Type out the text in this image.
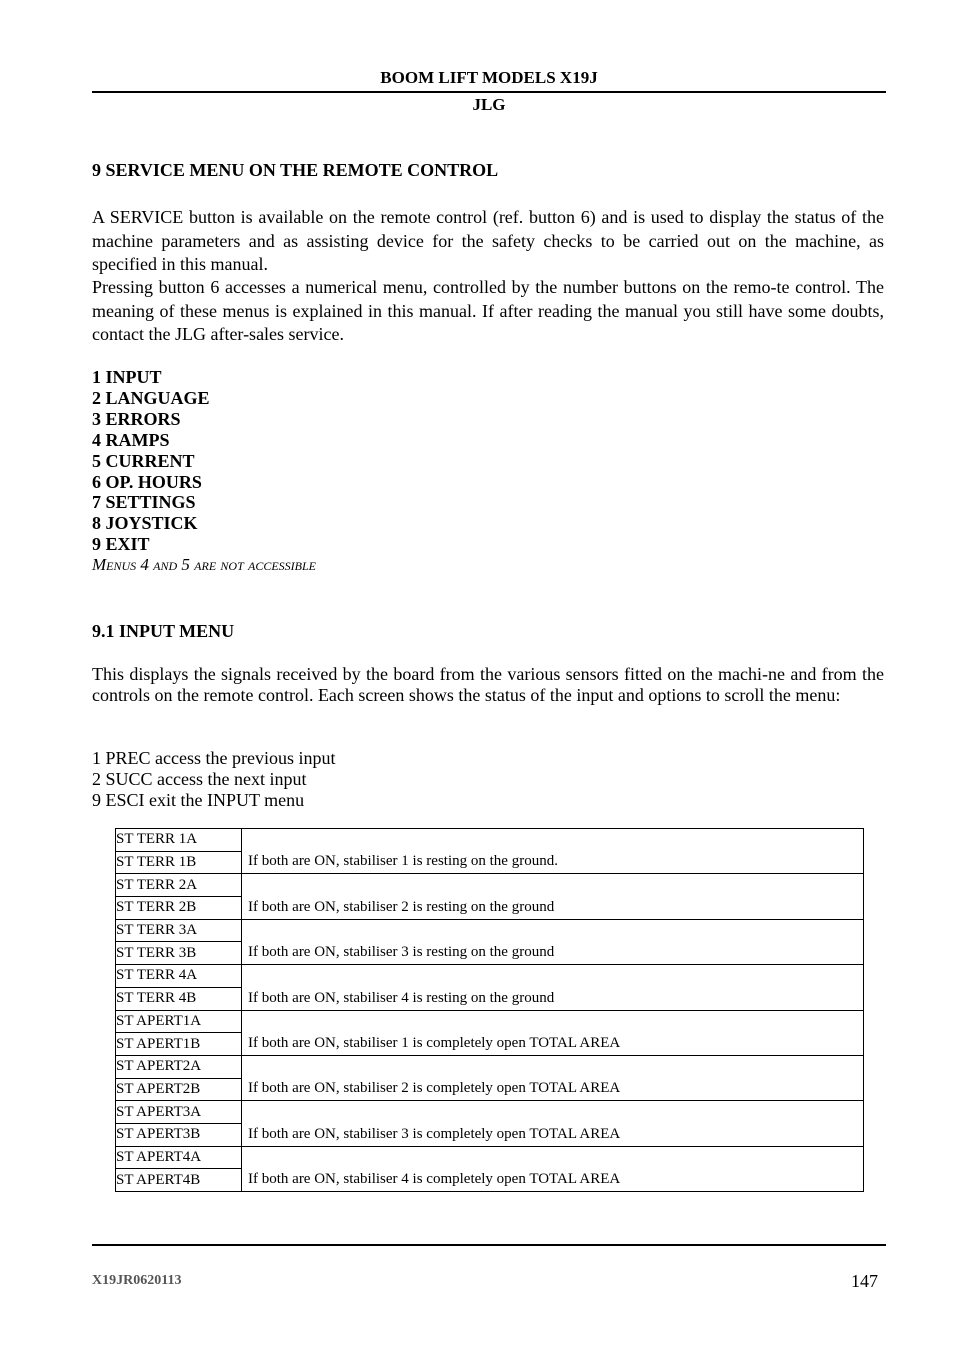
BOOM LIFT MODELS X19J
JLG
9 SERVICE MENU ON THE REMOTE CONTROL
A SERVICE button is available on the remote control (ref. button 6) and is used to display the status of the machine parameters and as assisting device for the safety checks to be carried out on the machine, as specified in this manual.
Pressing button 6 accesses a numerical menu, controlled by the number buttons on the remo-te control. The meaning of these menus is explained in this manual. If after reading the manual you still have some doubts, contact the JLG after-sales service.
1 INPUT
2 LANGUAGE
3 ERRORS
4 RAMPS
5 CURRENT
6 OP. HOURS
7 SETTINGS
8 JOYSTICK
9 EXIT
Menus 4 and 5 are not accessible
9.1 INPUT MENU
This displays the signals received by the board from the various sensors fitted on the machi-ne and from the controls on the remote control. Each screen shows the status of the input and options to scroll the menu:
1 PREC access the previous input
2 SUCC access the next input
9 ESCI exit the INPUT menu
ST TERR 1A	If both are ON, stabiliser 1 is resting on the ground.
ST TERR 1B	
ST TERR 2A	If both are ON, stabiliser 2 is resting on the ground
ST TERR 2B	
ST TERR 3A	If both are ON, stabiliser 3 is resting on the ground
ST TERR 3B	
ST TERR 4A	If both are ON, stabiliser 4 is resting on the ground
ST TERR 4B	
ST APERT1A	If both are ON, stabiliser 1 is completely open TOTAL AREA
ST APERT1B	
ST APERT2A	If both are ON, stabiliser 2 is completely open TOTAL AREA
ST APERT2B	
ST APERT3A	If both are ON, stabiliser 3 is completely open TOTAL AREA
ST APERT3B	
ST APERT4A	If both are ON, stabiliser 4 is completely open TOTAL AREA
ST APERT4B	
X19JR0620113	147
